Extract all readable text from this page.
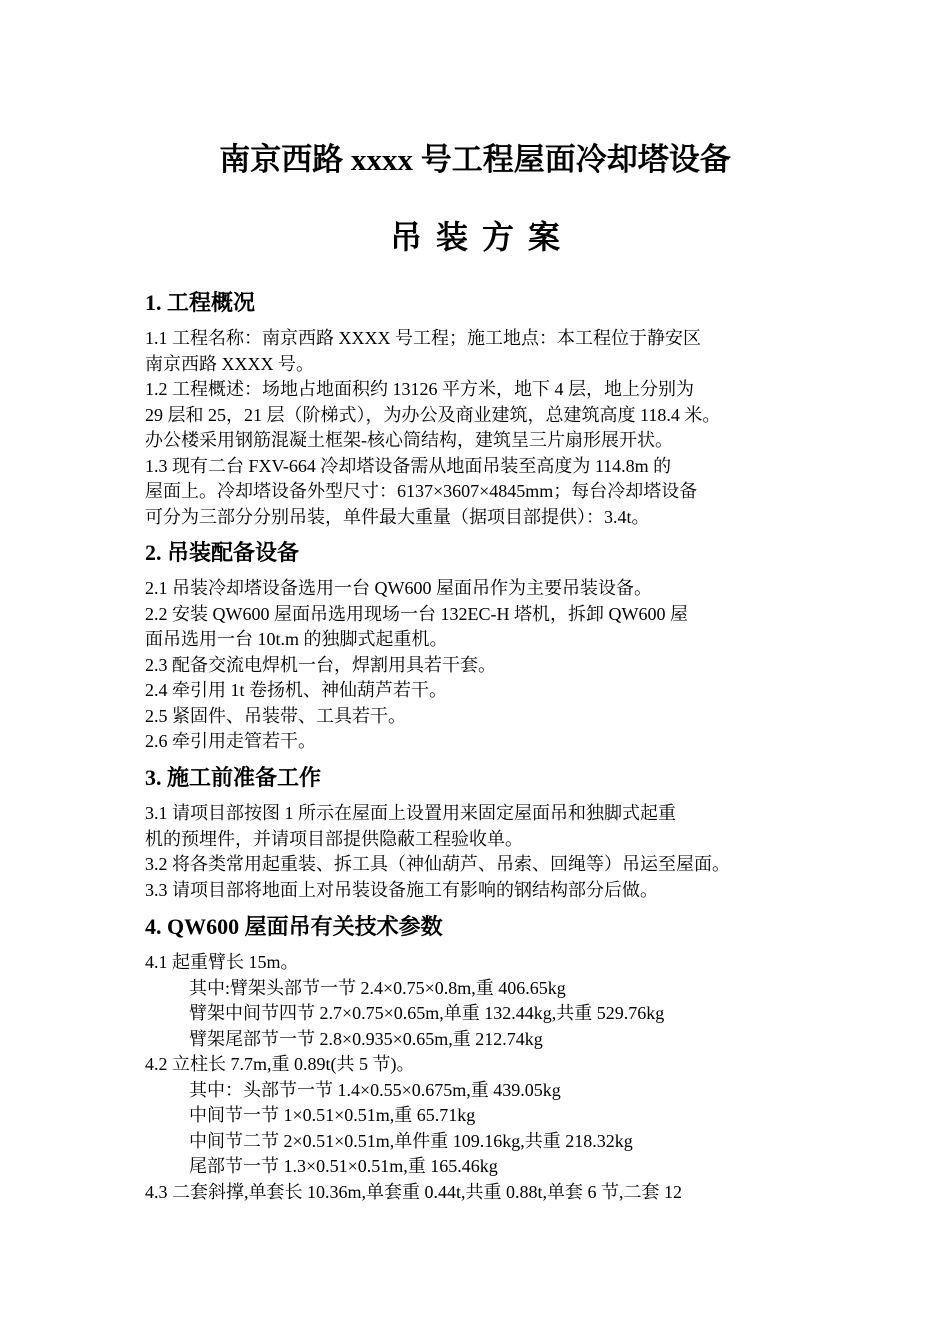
南京西路 xxxx 号工程屋面冷却塔设备
吊装方案
1. 工程概况
1.1 工程名称：南京西路 XXXX 号工程；施工地点：本工程位于静安区
南京西路 XXXX 号。
1.2 工程概述：场地占地面积约 13126 平方米，地下 4 层，地上分别为
29 层和 25，21 层（阶梯式），为办公及商业建筑，总建筑高度 118.4 米。
办公楼采用钢筋混凝土框架-核心筒结构，建筑呈三片扇形展开状。
1.3 现有二台 FXV-664 冷却塔设备需从地面吊装至高度为 114.8m 的
屋面上。冷却塔设备外型尺寸：6137×3607×4845mm；每台冷却塔设备
可分为三部分分别吊装，单件最大重量（据项目部提供）：3.4t。
2. 吊装配备设备
2.1 吊装冷却塔设备选用一台 QW600 屋面吊作为主要吊装设备。
2.2 安装 QW600 屋面吊选用现场一台 132EC-H 塔机，拆卸 QW600 屋
面吊选用一台 10t.m 的独脚式起重机。
2.3 配备交流电焊机一台，焊割用具若干套。
2.4 牵引用 1t 卷扬机、神仙葫芦若干。
2.5 紧固件、吊装带、工具若干。
2.6 牵引用走管若干。
3. 施工前准备工作
3.1 请项目部按图 1 所示在屋面上设置用来固定屋面吊和独脚式起重
机的预埋件，并请项目部提供隐蔽工程验收单。
3.2 将各类常用起重装、拆工具（神仙葫芦、吊索、回绳等）吊运至屋面。
3.3 请项目部将地面上对吊装设备施工有影响的钢结构部分后做。
4. QW600 屋面吊有关技术参数
4.1 起重臂长 15m。
其中:臂架头部节一节 2.4×0.75×0.8m,重 406.65kg
臂架中间节四节 2.7×0.75×0.65m,单重 132.44kg,共重 529.76kg
臂架尾部节一节 2.8×0.935×0.65m,重 212.74kg
4.2 立柱长 7.7m,重 0.89t(共 5 节)。
其中：头部节一节 1.4×0.55×0.675m,重 439.05kg
中间节一节 1×0.51×0.51m,重 65.71kg
中间节二节 2×0.51×0.51m,单件重 109.16kg,共重 218.32kg
尾部节一节 1.3×0.51×0.51m,重 165.46kg
4.3 二套斜撑,单套长 10.36m,单套重 0.44t,共重 0.88t,单套 6 节,二套 12
